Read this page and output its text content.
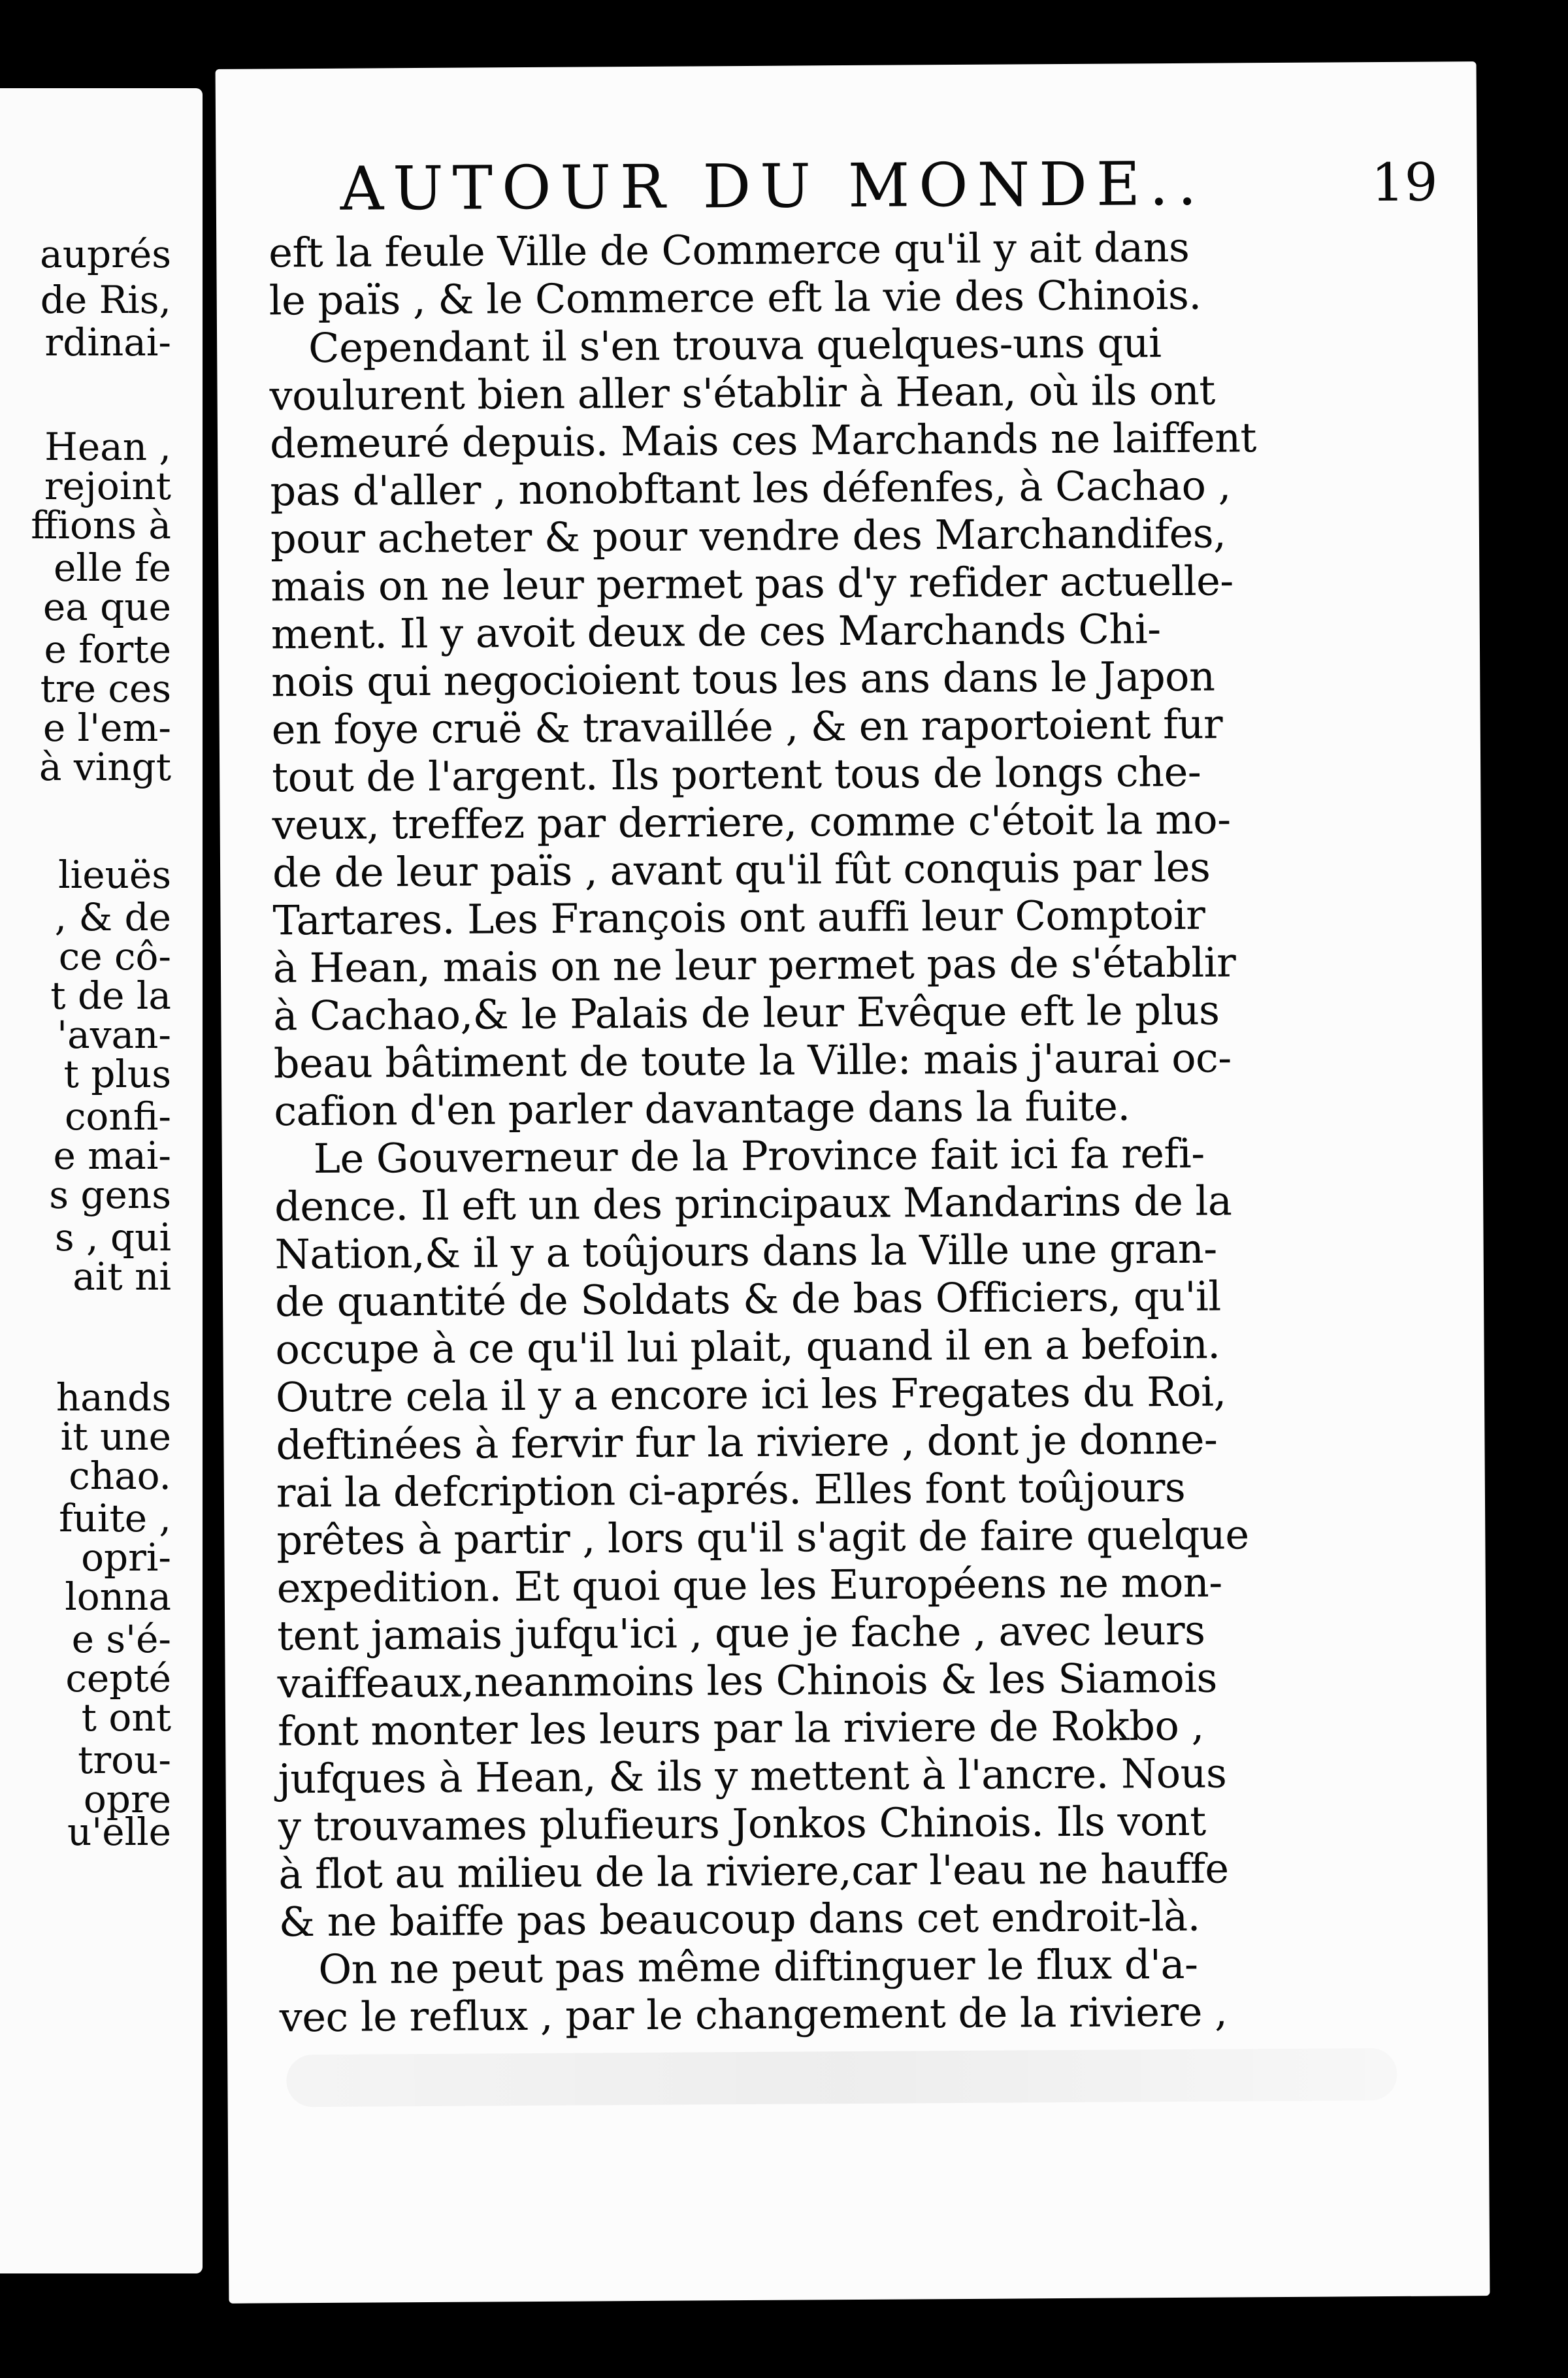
auprés
de Ris,
rdinai-
Hean ,
rejoint
ffions à
elle fe
ea que
e forte
tre ces
e l'em-
à vingt
lieuës
, & de
ce cô-
t de la
'avan-
t plus
confi-
e mai-
s gens
s , qui
ait ni
hands
it une
chao.
fuite ,
opri-
lonna
e s'é-
cepté
t ont
trou-
opre
u'elle
AUTOUR DU MONDE..	19
eft la feule Ville de Commerce qu'il y ait dans
le païs , & le Commerce eft la vie des Chinois.
Cependant il s'en trouva quelques-uns qui
voulurent bien aller s'établir à Hean, où ils ont
demeuré depuis. Mais ces Marchands ne laiffent
pas d'aller , nonobftant les défenfes, à Cachao ,
pour acheter & pour vendre des Marchandifes,
mais on ne leur permet pas d'y refider actuelle-
ment. Il y avoit deux de ces Marchands Chi-
nois qui negocioient tous les ans dans le Japon
en foye cruë & travaillée , & en raportoient fur
tout de l'argent. Ils portent tous de longs che-
veux, treffez par derriere, comme c'étoit la mo-
de de leur païs , avant qu'il fût conquis par les
Tartares. Les François ont auffi leur Comptoir
à Hean, mais on ne leur permet pas de s'établir
à Cachao,& le Palais de leur Evêque eft le plus
beau bâtiment de toute la Ville: mais j'aurai oc-
cafion d'en parler davantage dans la fuite.
Le Gouverneur de la Province fait ici fa refi-
dence. Il eft un des principaux Mandarins de la
Nation,& il y a toûjours dans la Ville une gran-
de quantité de Soldats & de bas Officiers, qu'il
occupe à ce qu'il lui plait, quand il en a befoin.
Outre cela il y a encore ici les Fregates du Roi,
deftinées à fervir fur la riviere , dont je donne-
rai la defcription ci-aprés. Elles font toûjours
prêtes à partir , lors qu'il s'agit de faire quelque
expedition. Et quoi que les Européens ne mon-
tent jamais jufqu'ici , que je fache , avec leurs
vaiffeaux,neanmoins les Chinois & les Siamois
font monter les leurs par la riviere de Rokbo ,
jufques à Hean, & ils y mettent à l'ancre. Nous
y trouvames plufieurs Jonkos Chinois. Ils vont
à flot au milieu de la riviere,car l'eau ne hauffe
& ne baiffe pas beaucoup dans cet endroit-là.
On ne peut pas même diftinguer le flux d'a-
vec le reflux , par le changement de la riviere ,
